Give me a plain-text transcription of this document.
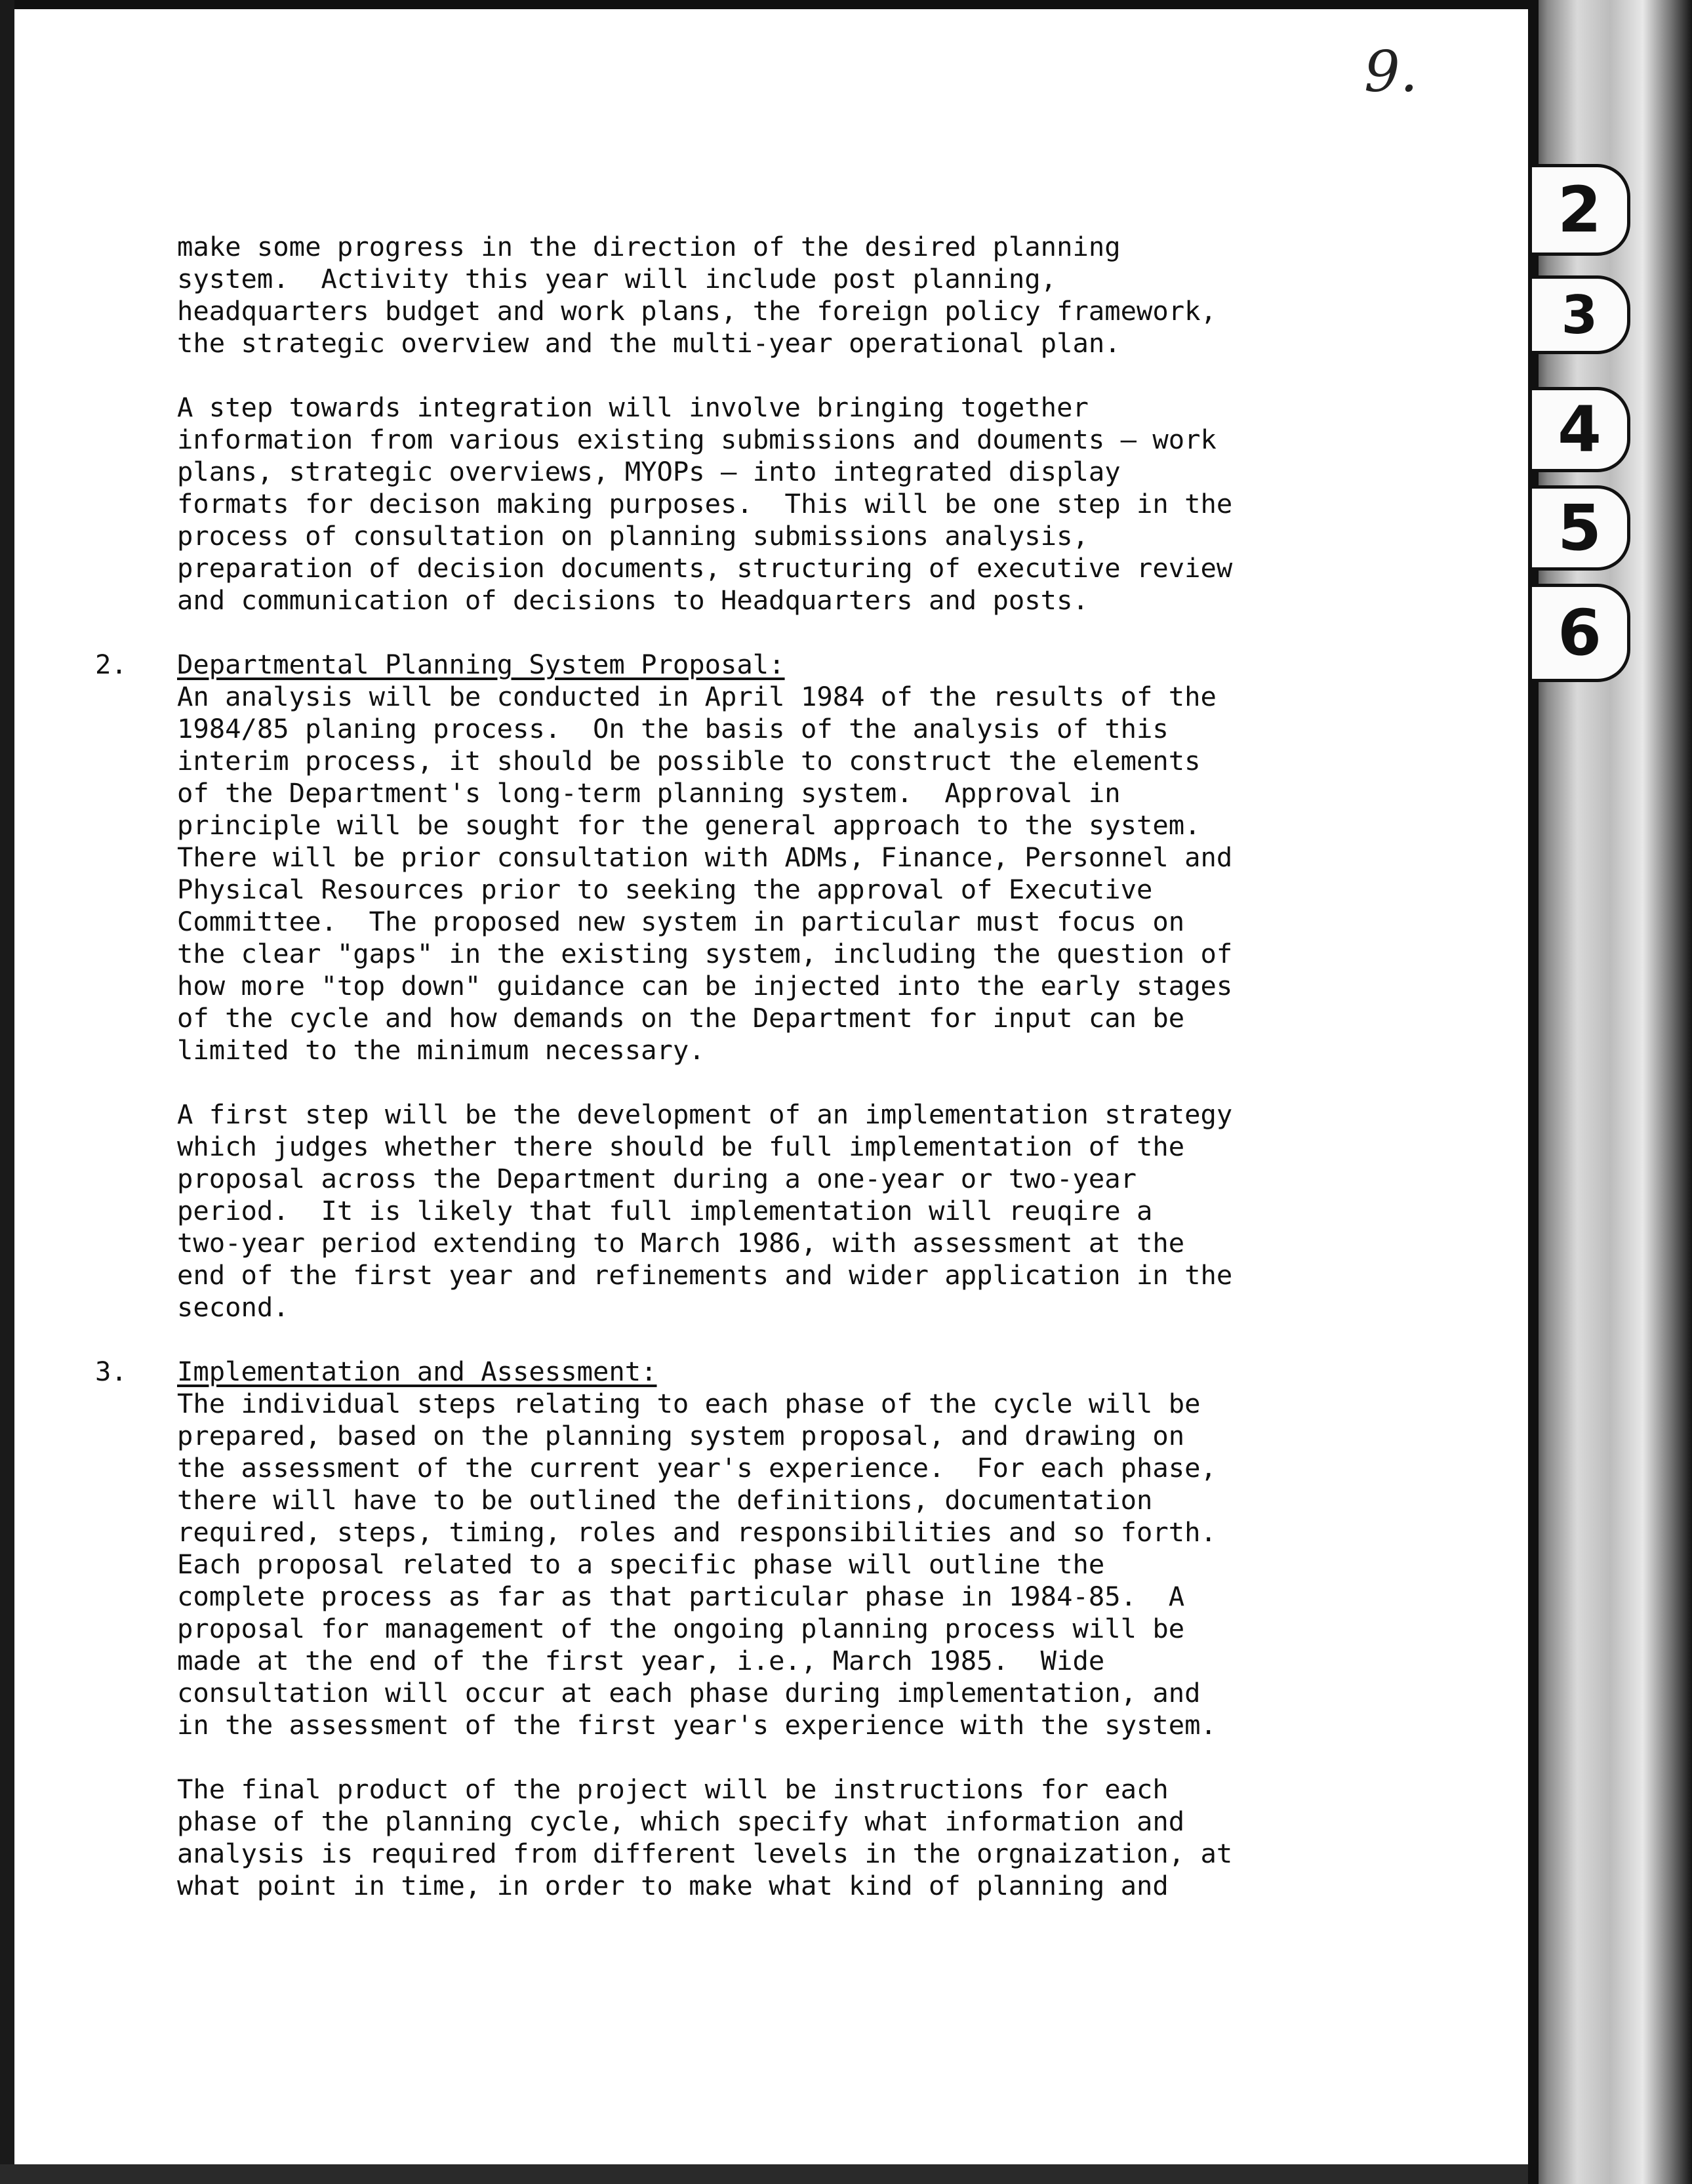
9.
2
3
4
5
6

make some progress in the direction of the desired planning

system.  Activity this year will include post planning,

headquarters budget and work plans, the foreign policy framework,

the strategic overview and the multi-year operational plan.

A step towards integration will involve bringing together

information from various existing submissions and douments — work

plans, strategic overviews, MYOPs — into integrated display

formats for decison making purposes.  This will be one step in the

process of consultation on planning submissions analysis,

preparation of decision documents, structuring of executive review

and communication of decisions to Headquarters and posts.

2. Departmental Planning System Proposal:

An analysis will be conducted in April 1984 of the results of the

1984/85 planing process.  On the basis of the analysis of this

interim process, it should be possible to construct the elements

of the Department's long-term planning system.  Approval in

principle will be sought for the general approach to the system.

There will be prior consultation with ADMs, Finance, Personnel and

Physical Resources prior to seeking the approval of Executive

Committee.  The proposed new system in particular must focus on

the clear "gaps" in the existing system, including the question of

how more "top down" guidance can be injected into the early stages

of the cycle and how demands on the Department for input can be

limited to the minimum necessary.

A first step will be the development of an implementation strategy

which judges whether there should be full implementation of the

proposal across the Department during a one-year or two-year

period.  It is likely that full implementation will reuqire a

two-year period extending to March 1986, with assessment at the

end of the first year and refinements and wider application in the

second.

3. Implementation and Assessment:

The individual steps relating to each phase of the cycle will be

prepared, based on the planning system proposal, and drawing on

the assessment of the current year's experience.  For each phase,

there will have to be outlined the definitions, documentation

required, steps, timing, roles and responsibilities and so forth.

Each proposal related to a specific phase will outline the

complete process as far as that particular phase in 1984-85.  A

proposal for management of the ongoing planning process will be

made at the end of the first year, i.e., March 1985.  Wide

consultation will occur at each phase during implementation, and

in the assessment of the first year's experience with the system.

The final product of the project will be instructions for each

phase of the planning cycle, which specify what information and

analysis is required from different levels in the orgnaization, at

what point in time, in order to make what kind of planning and
